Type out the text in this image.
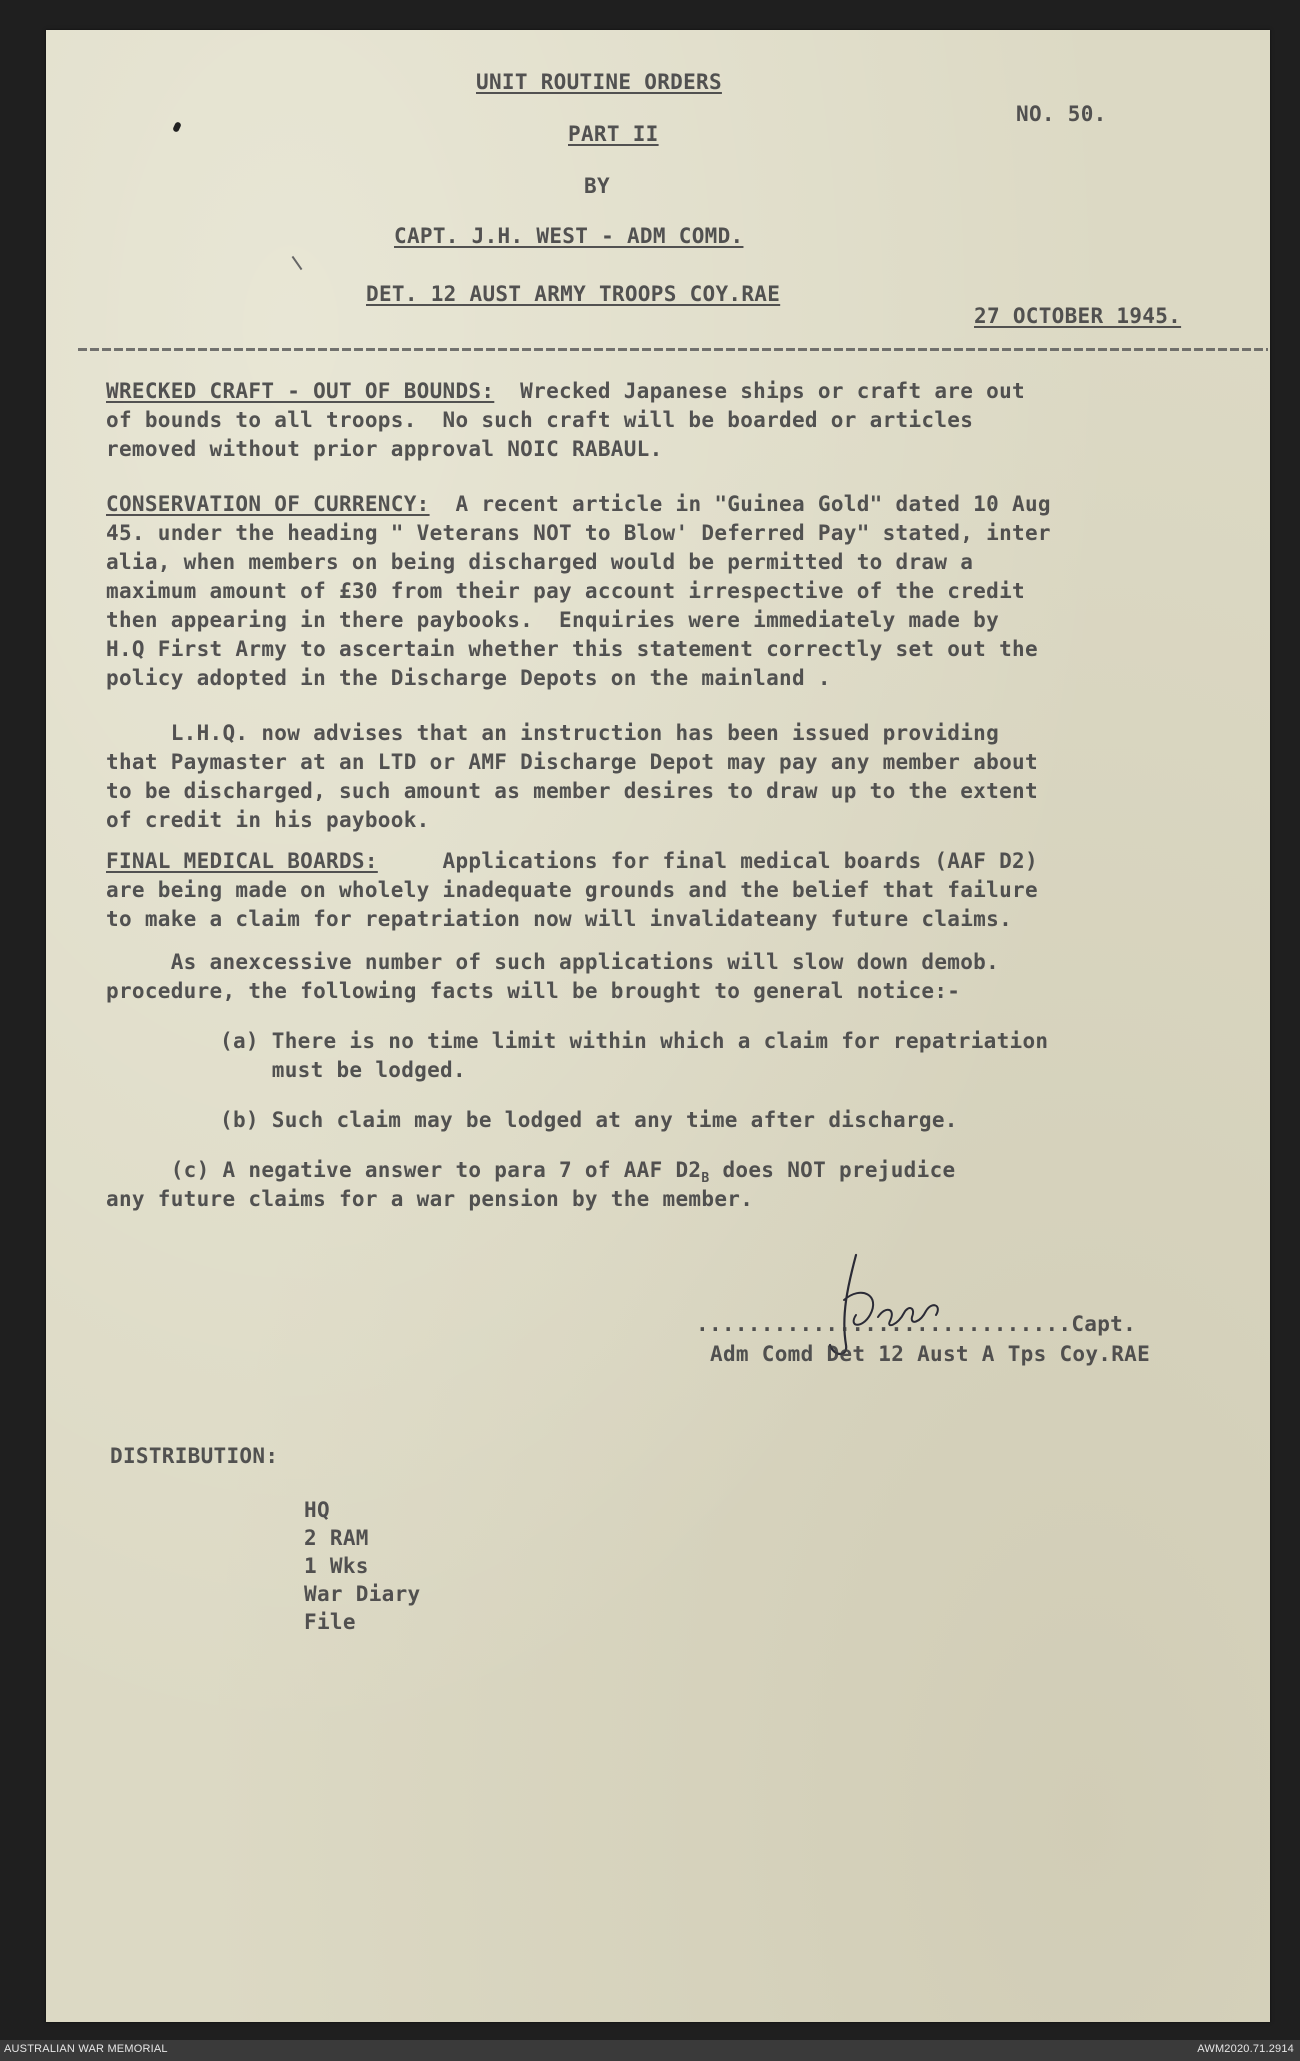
UNIT ROUTINE ORDERS
NO. 50.
PART II
BY
CAPT. J.H. WEST - ADM COMD.
DET. 12 AUST ARMY TROOPS COY.RAE
27 OCTOBER 1945.
WRECKED CRAFT - OUT OF BOUNDS:  Wrecked Japanese ships or craft are out
of bounds to all troops.  No such craft will be boarded or articles
removed without prior approval NOIC RABAUL.
CONSERVATION OF CURRENCY:  A recent article in "Guinea Gold" dated 10 Aug
45. under the heading " Veterans NOT to Blow' Deferred Pay" stated, inter
alia, when members on being discharged would be permitted to draw a
maximum amount of £30 from their pay account irrespective of the credit
then appearing in there paybooks.  Enquiries were immediately made by
H.Q First Army to ascertain whether this statement correctly set out the
policy adopted in the Discharge Depots on the mainland .
L.H.Q. now advises that an instruction has been issued providing
that Paymaster at an LTD or AMF Discharge Depot may pay any member about
to be discharged, such amount as member desires to draw up to the extent
of credit in his paybook.
FINAL MEDICAL BOARDS:     Applications for final medical boards (AAF D2)
are being made on wholely inadequate grounds and the belief that failure
to make a claim for repatriation now will invalidateany future claims.
As anexcessive number of such applications will slow down demob.
procedure, the following facts will be brought to general notice:-
(a) There is no time limit within which a claim for repatriation
must be lodged.
(b) Such claim may be lodged at any time after discharge.
(c) A negative answer to para 7 of AAF $D2_B$ does NOT prejudice
any future claims for a war pension by the member.
.............................Capt.
Adm Comd Det 12 Aust A Tps Coy.RAE
DISTRIBUTION:
HQ
2 RAM
1 Wks
War Diary
File
AUSTRALIAN WAR MEMORIAL	AWM2020.71.2914
